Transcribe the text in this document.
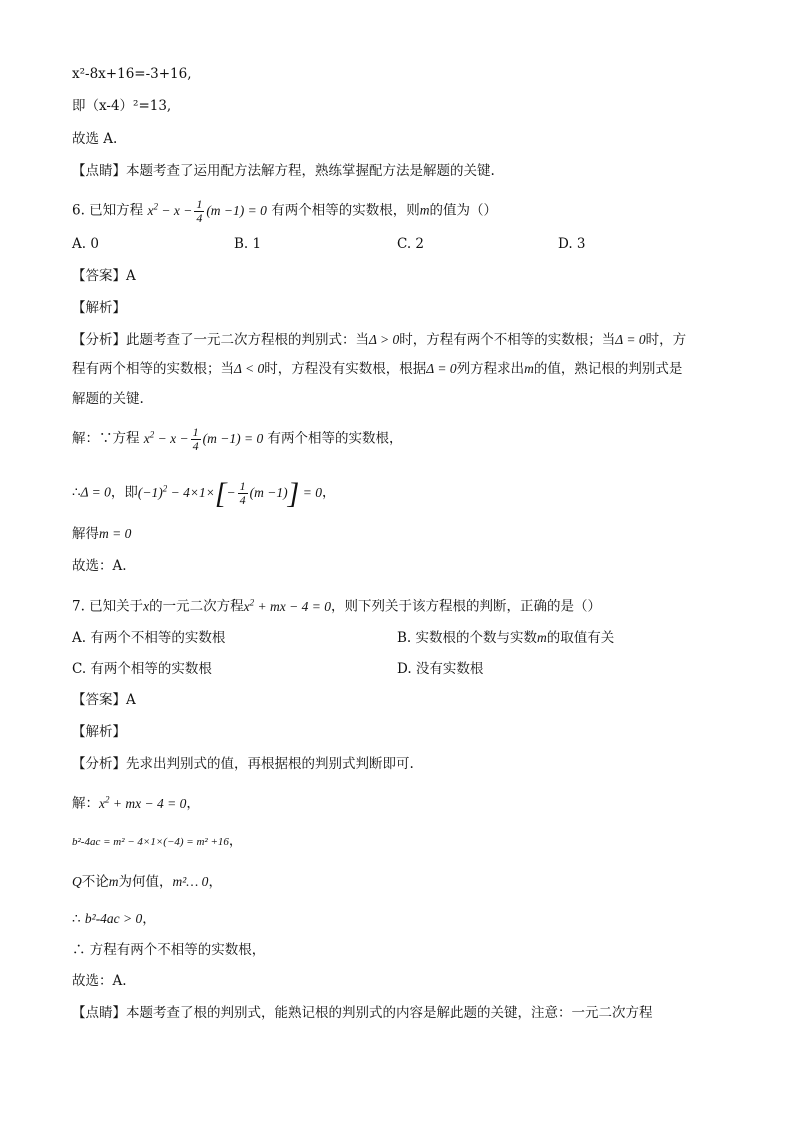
x²-8x+16=-3+16,
即（x-4）²=13,
故选 A.
【点睛】本题考查了运用配方法解方程，熟练掌握配方法是解题的关键.
6. 已知方程 $x^2 - x - \frac{1}{4} (m -1) = 0$ 有两个相等的实数根，则m的值为（）
A. 0	B. 1	C. 2	D. 3
【答案】A
【解析】
【分析】此题考查了一元二次方程根的判别式：当Δ > 0时，方程有两个不相等的实数根；当Δ = 0时，方
程有两个相等的实数根；当Δ < 0时，方程没有实数根，根据Δ = 0列方程求出m的值，熟记根的判别式是
解题的关键.
解：∵方程 $x^2 - x - \frac{1}{4} (m -1) = 0$ 有两个相等的实数根，
∴Δ = 0，即$(-1)^2 - 4\times 1\times[- \frac{1}{4} (m -1)] = 0$，
解得m = 0
故选：A.
7. 已知关于x的一元二次方程$x^2$ + mx − 4 = 0，则下列关于该方程根的判断，正确的是（）
A. 有两个不相等的实数根	B. 实数根的个数与实数m的取值有关
C. 有两个相等的实数根	D. 没有实数根
【答案】A
【解析】
【分析】先求出判别式的值，再根据根的判别式判断即可.
解：$x^2$ + mx − 4 = 0，
b²-4ac = m² − 4×1×(−4) = m² +16，
Q不论m为何值，m²… 0，
∴ b²-4ac > 0，
∴ 方程有两个不相等的实数根，
故选：A.
【点睛】本题考查了根的判别式，能熟记根的判别式的内容是解此题的关键，注意：一元二次方程
